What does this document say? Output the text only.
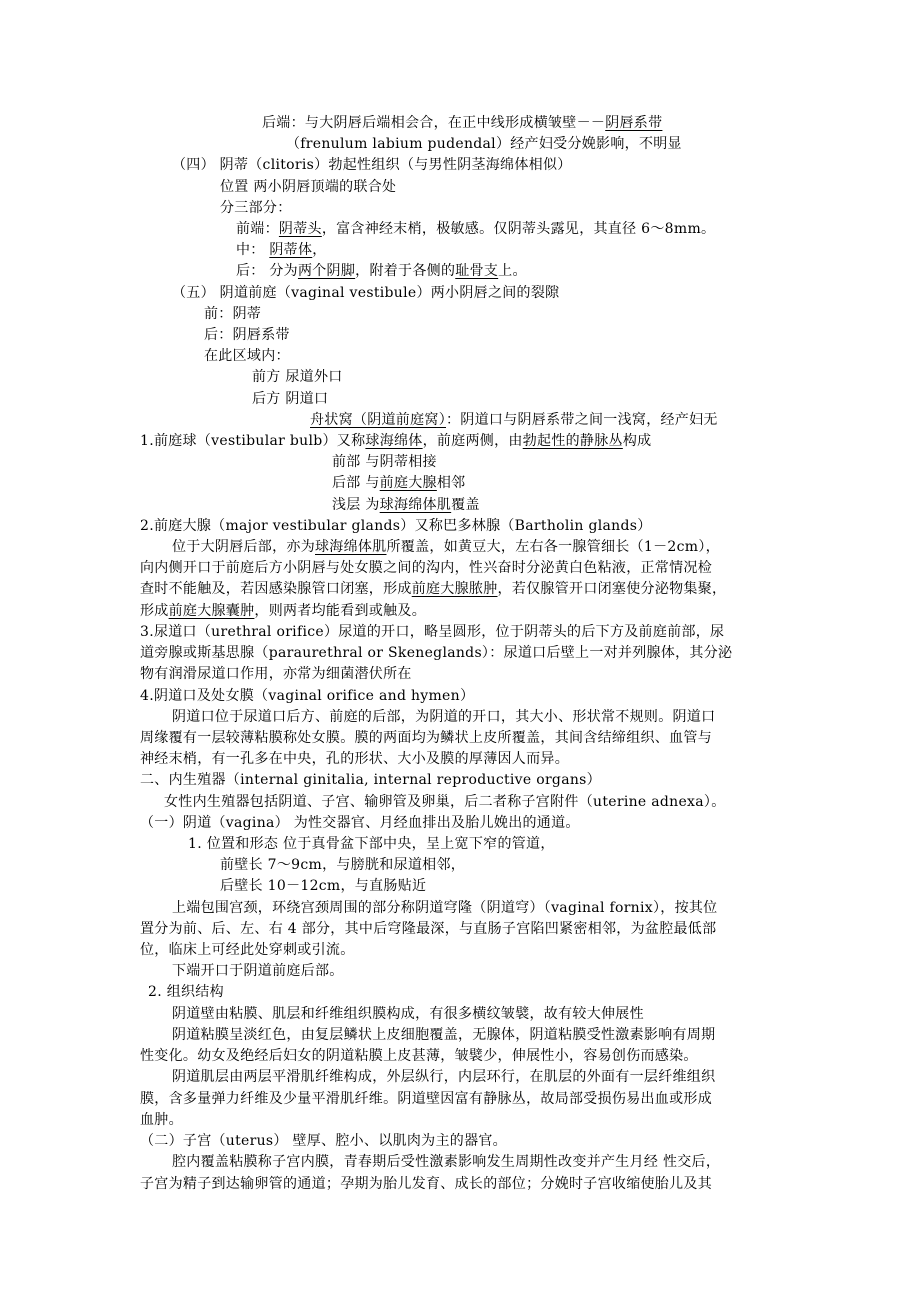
后端：与大阴唇后端相会合，在正中线形成横皱壁－－阴唇系带
（frenulum labium pudendal）经产妇受分娩影响，不明显
（四） 阴蒂（clitoris）勃起性组织（与男性阴茎海绵体相似）
位置 两小阴唇顶端的联合处
分三部分：
前端：阴蒂头，富含神经末梢，极敏感。仅阴蒂头露见，其直径 6～8mm。
中： 阴蒂体，
后： 分为两个阴脚，附着于各侧的耻骨支上。
（五） 阴道前庭（vaginal vestibule）两小阴唇之间的裂隙
前：阴蒂
后：阴唇系带
在此区域内：
前方 尿道外口
后方 阴道口
舟状窝（阴道前庭窝）：阴道口与阴唇系带之间一浅窝，经产妇无
1.前庭球（vestibular bulb）又称球海绵体，前庭两侧，由勃起性的静脉丛构成
前部 与阴蒂相接
后部 与前庭大腺相邻
浅层 为球海绵体肌覆盖
2.前庭大腺（major vestibular glands）又称巴多林腺（Bartholin glands）
位于大阴唇后部，亦为球海绵体肌所覆盖，如黄豆大，左右各一腺管细长（1－2cm），
向内侧开口于前庭后方小阴唇与处女膜之间的沟内，性兴奋时分泌黄白色粘液，正常情况检
查时不能触及，若因感染腺管口闭塞，形成前庭大腺脓肿，若仅腺管开口闭塞使分泌物集聚，
形成前庭大腺囊肿，则两者均能看到或触及。
3.尿道口（urethral orifice）尿道的开口，略呈圆形，位于阴蒂头的后下方及前庭前部，尿
道旁腺或斯基思腺（paraurethral or Skeneglands）：尿道口后壁上一对并列腺体，其分泌
物有润滑尿道口作用，亦常为细菌潜伏所在
4.阴道口及处女膜（vaginal orifice and hymen）
阴道口位于尿道口后方、前庭的后部，为阴道的开口，其大小、形状常不规则。阴道口
周缘覆有一层较薄粘膜称处女膜。膜的两面均为鳞状上皮所覆盖，其间含结缔组织、血管与
神经末梢，有一孔多在中央，孔的形状、大小及膜的厚薄因人而异。
二、内生殖器（internal ginitalia, internal reproductive organs）
女性内生殖器包括阴道、子宫、输卵管及卵巢，后二者称子宫附件（uterine adnexa）。
（一）阴道（vagina） 为性交器官、月经血排出及胎儿娩出的通道。
1. 位置和形态 位于真骨盆下部中央，呈上宽下窄的管道，
前壁长 7～9cm，与膀胱和尿道相邻，
后壁长 10－12cm，与直肠贴近
上端包围宫颈，环绕宫颈周围的部分称阴道穹隆（阴道穹）（vaginal fornix），按其位
置分为前、后、左、右 4 部分，其中后穹隆最深，与直肠子宫陷凹紧密相邻，为盆腔最低部
位，临床上可经此处穿刺或引流。
下端开口于阴道前庭后部。
2. 组织结构
阴道壁由粘膜、肌层和纤维组织膜构成，有很多横纹皱襞，故有较大伸展性
阴道粘膜呈淡红色，由复层鳞状上皮细胞覆盖，无腺体，阴道粘膜受性激素影响有周期
性变化。幼女及绝经后妇女的阴道粘膜上皮甚薄，皱襞少，伸展性小，容易创伤而感染。
阴道肌层由两层平滑肌纤维构成，外层纵行，内层环行，在肌层的外面有一层纤维组织
膜，含多量弹力纤维及少量平滑肌纤维。阴道壁因富有静脉丛，故局部受损伤易出血或形成
血肿。
（二）子宫（uterus） 壁厚、腔小、以肌肉为主的器官。
腔内覆盖粘膜称子宫内膜，青春期后受性激素影响发生周期性改变并产生月经 性交后，
子宫为精子到达输卵管的通道；孕期为胎儿发育、成长的部位；分娩时子宫收缩使胎儿及其
